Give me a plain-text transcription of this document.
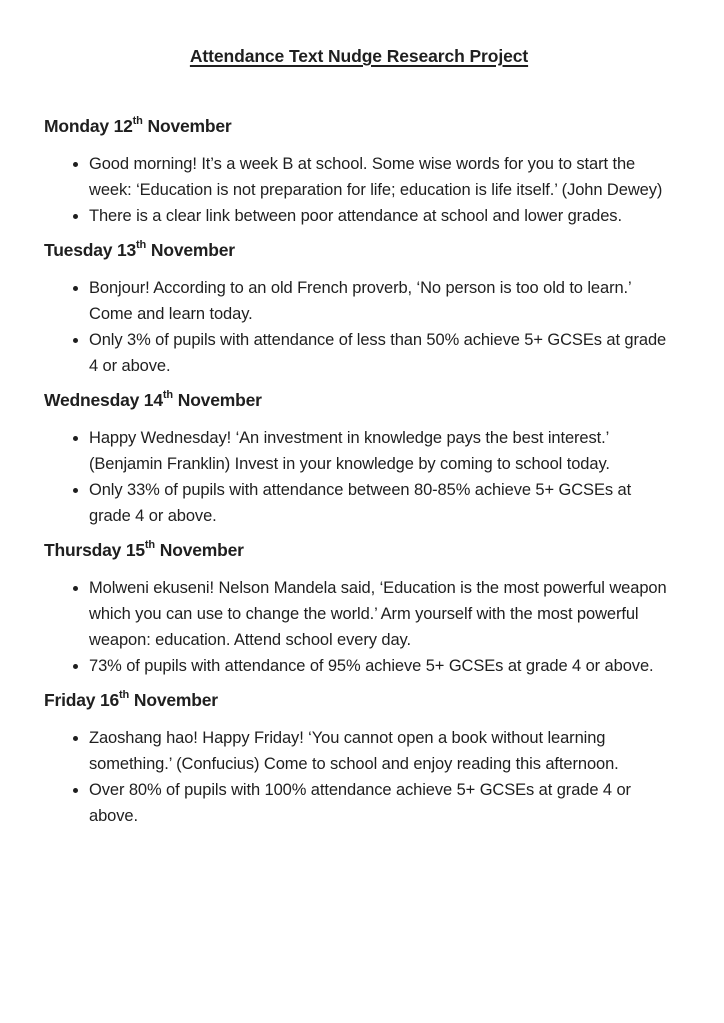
Attendance Text Nudge Research Project
Monday 12th November
• Good morning! It’s a week B at school. Some wise words for you to start the week: ‘Education is not preparation for life; education is life itself.’ (John Dewey)
• There is a clear link between poor attendance at school and lower grades.
Tuesday 13th November
• Bonjour! According to an old French proverb, ‘No person is too old to learn.’ Come and learn today.
• Only 3% of pupils with attendance of less than 50% achieve 5+ GCSEs at grade 4 or above.
Wednesday 14th November
• Happy Wednesday! ‘An investment in knowledge pays the best interest.’ (Benjamin Franklin) Invest in your knowledge by coming to school today.
• Only 33% of pupils with attendance between 80-85% achieve 5+ GCSEs at grade 4 or above.
Thursday 15th November
• Molweni ekuseni! Nelson Mandela said, ‘Education is the most powerful weapon which you can use to change the world.’ Arm yourself with the most powerful weapon: education. Attend school every day.
• 73% of pupils with attendance of 95% achieve 5+ GCSEs at grade 4 or above.
Friday 16th November
• Zaoshang hao! Happy Friday! ‘You cannot open a book without learning something.’ (Confucius) Come to school and enjoy reading this afternoon.
• Over 80% of pupils with 100% attendance achieve 5+ GCSEs at grade 4 or above.
